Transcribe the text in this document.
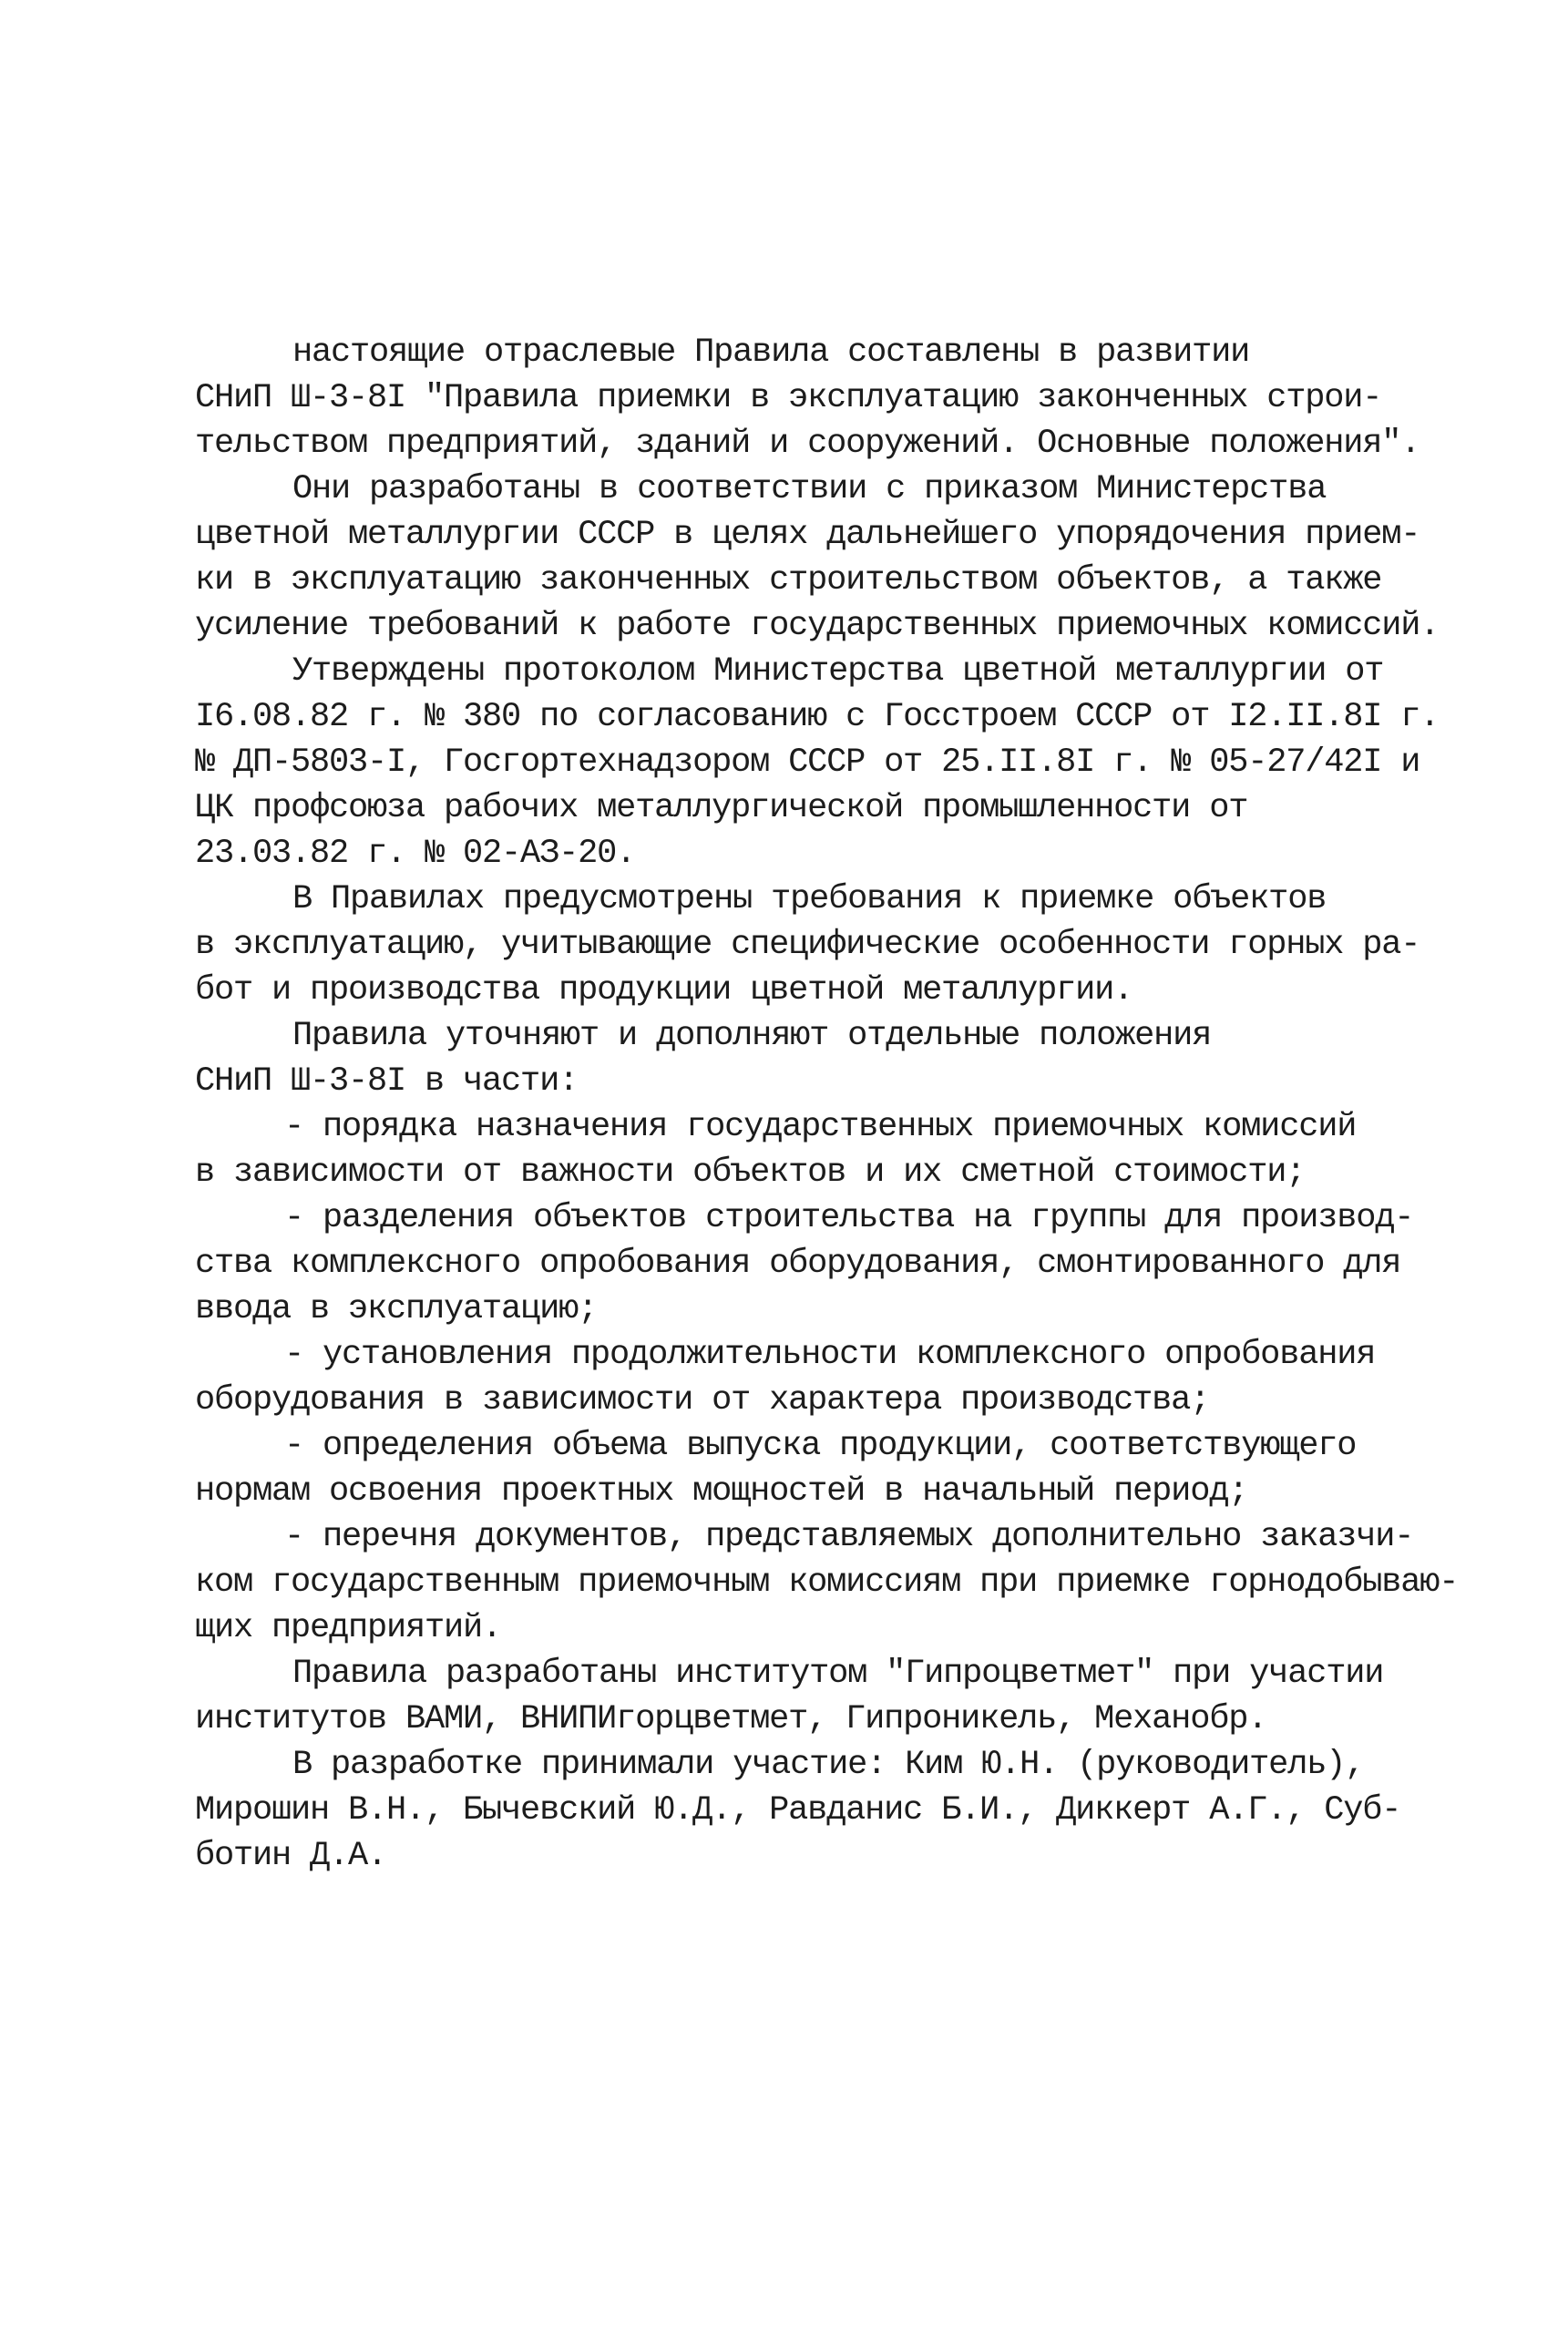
настоящие отраслевые Правила составлены в развитии
СНиП Ш-3-8I "Правила приемки в эксплуатацию законченных строи-
тельством предприятий, зданий и сооружений. Основные положения".
Они разработаны в соответствии с приказом Министерства
цветной металлургии СССР в целях дальнейшего упорядочения прием-
ки в эксплуатацию законченных строительством объектов, а также
усиление требований к работе государственных приемочных комиссий.
Утверждены протоколом Министерства цветной металлургии от
I6.08.82 г. № 380 по согласованию с Госстроем СССР от I2.II.8I г.
№ ДП-5803-I, Госгортехнадзором СССР от 25.II.8I г. № 05-27/42I и
ЦК профсоюза рабочих металлургической промышленности от
23.03.82 г. № 02-АЗ-20.
В Правилах предусмотрены требования к приемке объектов
в эксплуатацию, учитывающие специфические особенности горных ра-
бот и производства продукции цветной металлургии.
Правила уточняют и дополняют отдельные положения
СНиП Ш-3-8I в части:
- порядка назначения государственных приемочных комиссий
в зависимости от важности объектов и их сметной стоимости;
- разделения объектов строительства на группы для производ-
ства комплексного опробования оборудования, смонтированного для
ввода в эксплуатацию;
- установления продолжительности комплексного опробования
оборудования в зависимости от характера производства;
- определения объема выпуска продукции, соответствующего
нормам освоения проектных мощностей в начальный период;
- перечня документов, представляемых дополнительно заказчи-
ком государственным приемочным комиссиям при приемке горнодобываю-
щих предприятий.
Правила разработаны институтом "Гипроцветмет" при участии
институтов ВАМИ, ВНИПИгорцветмет, Гипроникель, Механобр.
В разработке принимали участие: Ким Ю.Н. (руководитель),
Мирошин В.Н., Бычевский Ю.Д., Равданис Б.И., Диккерт А.Г., Суб-
ботин Д.А.
